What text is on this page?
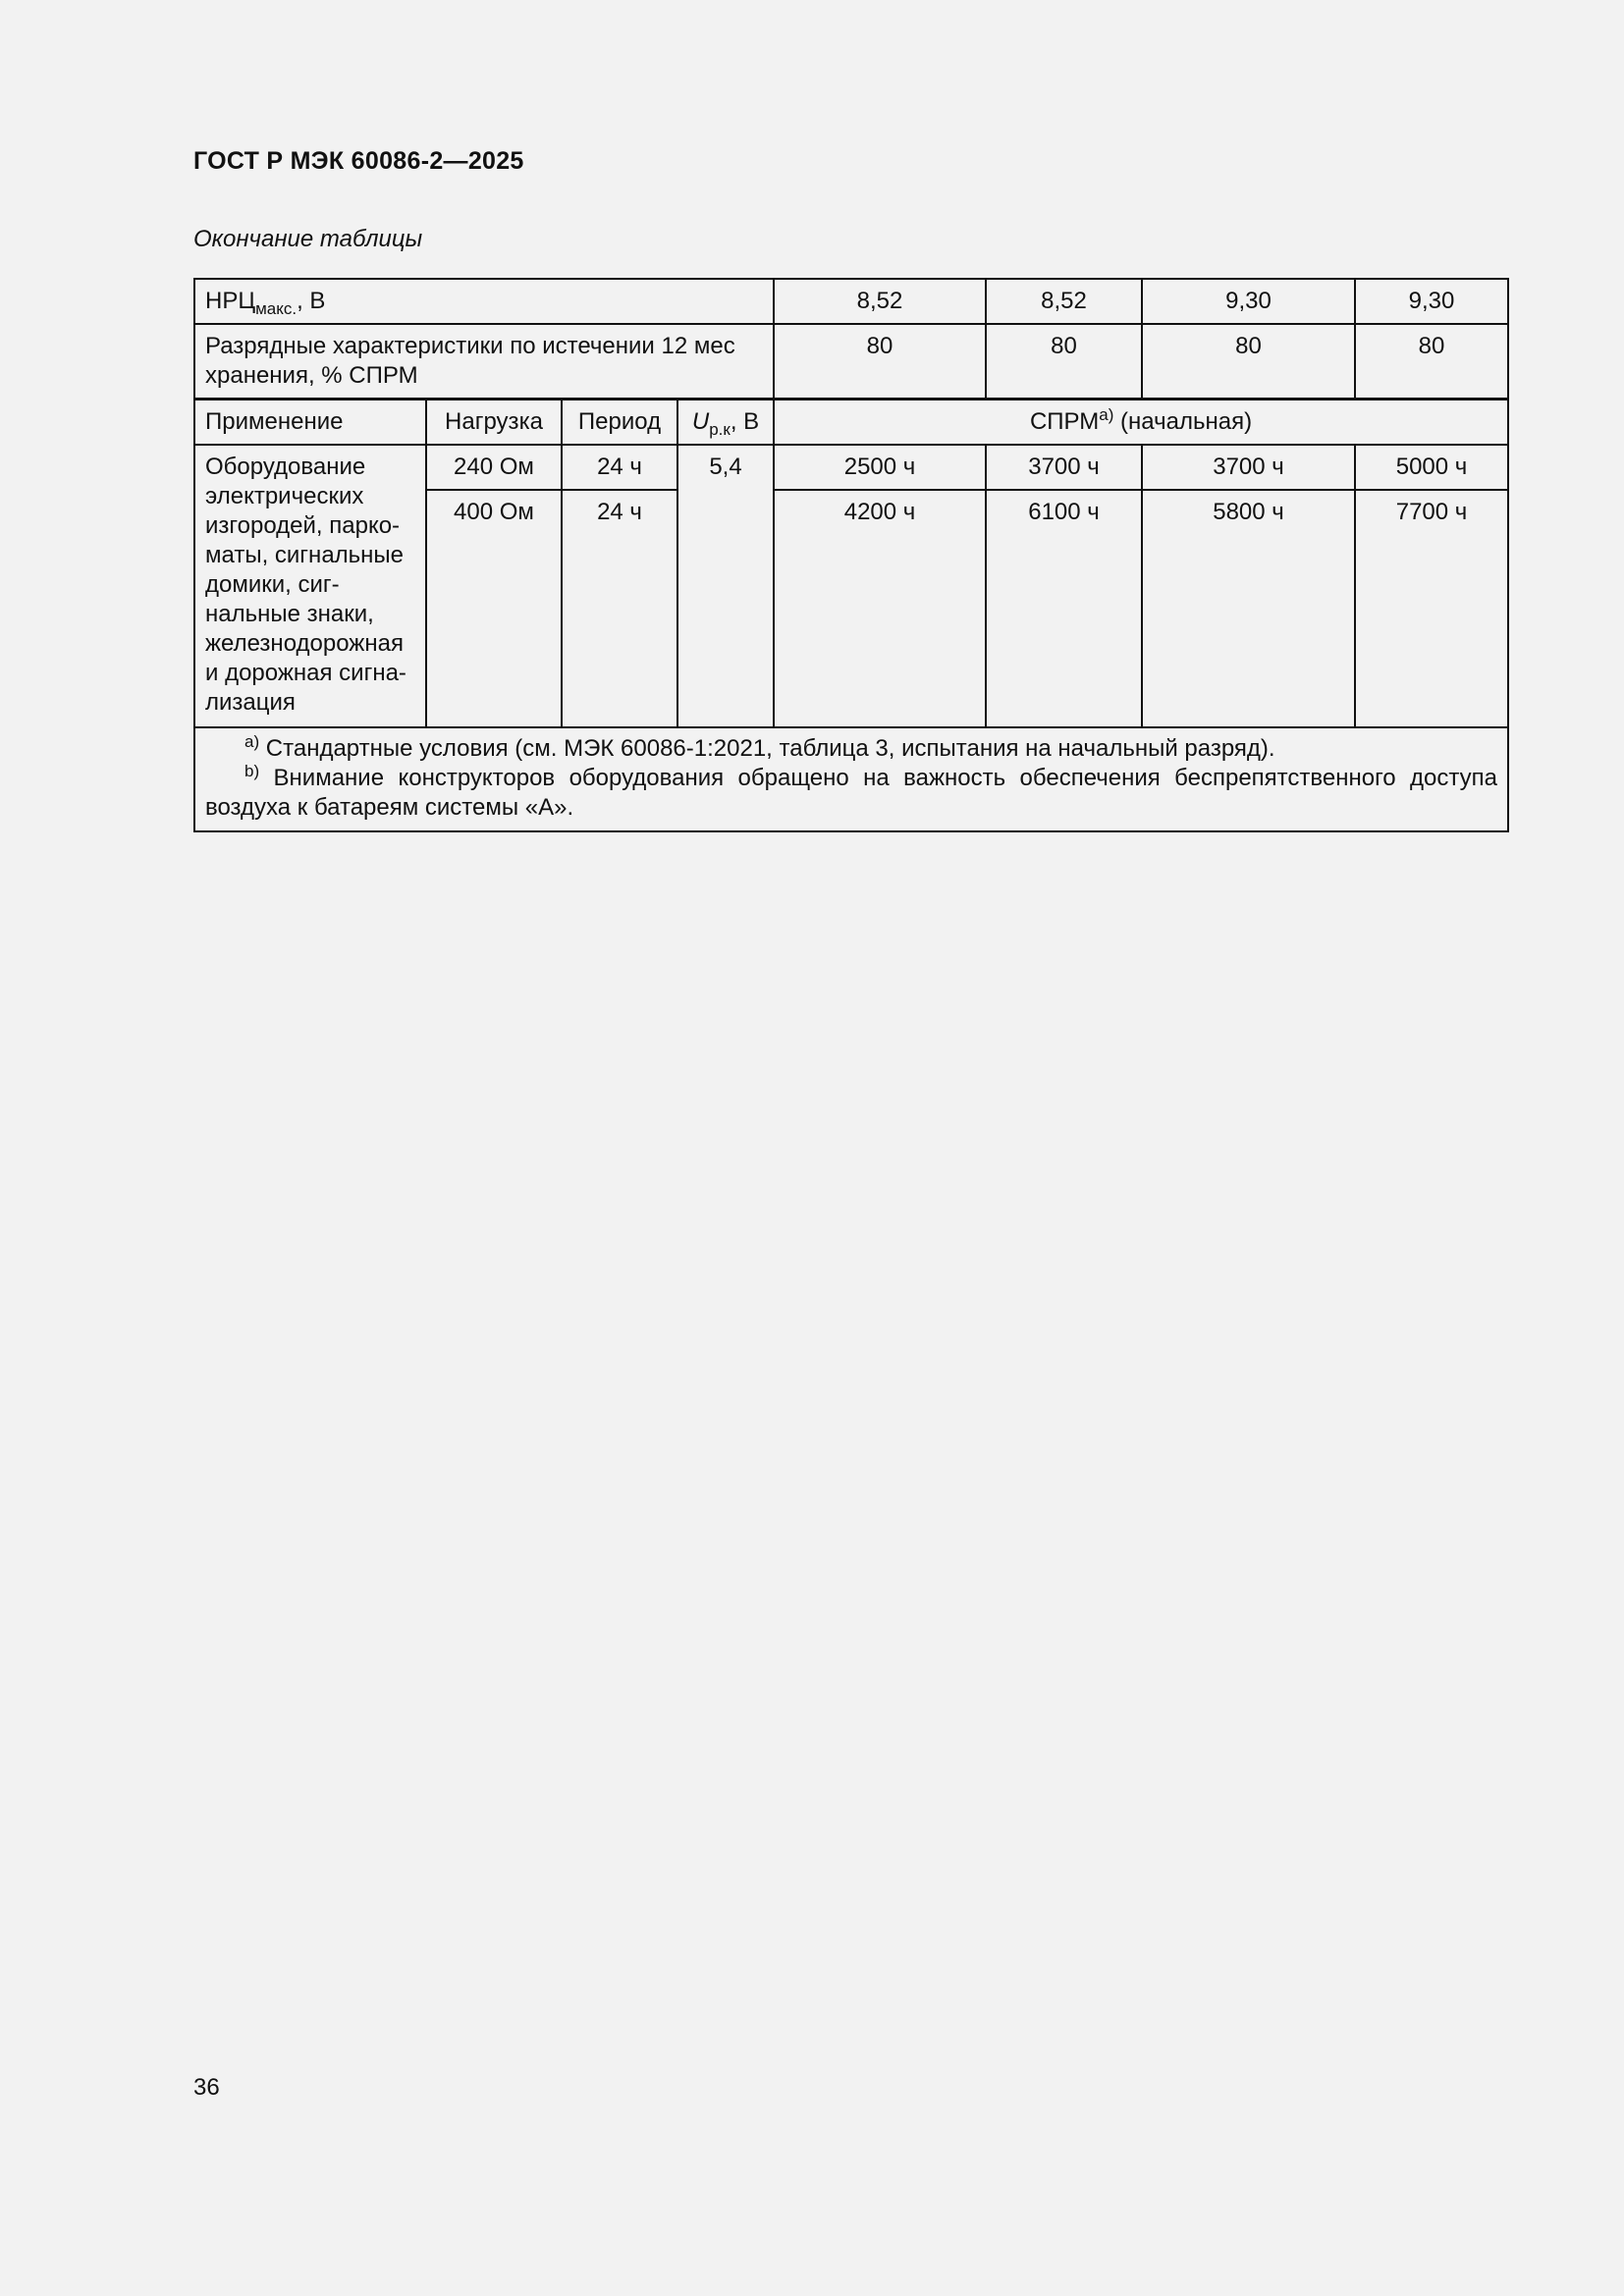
ГОСТ Р МЭК 60086-2—2025
Окончание таблицы
$НРЦ_{макс.}$, В				8,52	8,52	9,30	9,30
Разрядные характеристики по истечении 12 мес хранения, % СПРМ				80	80	80	80
Применение	Нагрузка	Период	$U_{р.к}$, В	СПРМ$^{a)}$ (начальная)			
Оборудование электрических изгородей, парко-маты, сигнальные домики, сиг-нальные знаки, железнодорожная и дорожная сигна-лизация	240 Ом	24 ч	5,4	2500 ч	3700 ч	3700 ч	5000 ч
	400 Ом	24 ч		4200 ч	6100 ч	5800 ч	7700 ч

$^{a)}$ Стандартные условия (см. МЭК 60086-1:2021, таблица 3, испытания на начальный разряд).
$^{b)}$ Внимание конструкторов оборудования обращено на важность обеспечения беспрепятственного доступа воздуха к батареям системы «А».							
36
